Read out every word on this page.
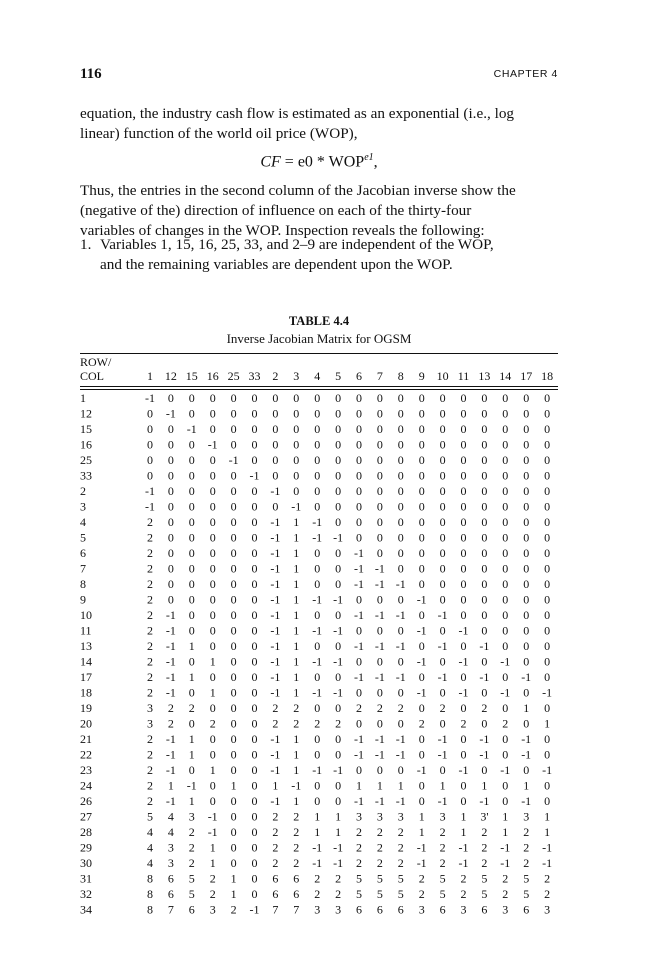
116	CHAPTER 4
equation, the industry cash flow is estimated as an exponential (i.e., log
linear) function of the world oil price (WOP),
CF = $e0 * WOP^{e1}$,
Thus, the entries in the second column of the Jacobian inverse show the
(negative of the) direction of influence on each of the thirty-four
variables of changes in the WOP. Inspection reveals the following:
1. Variables 1, 15, 16, 25, 33, and 2–9 are independent of the WOP,
and the remaining variables are dependent upon the WOP.
TABLE 4.4
Inverse Jacobian Matrix for OGSM
ROW/
COL	1 12 15 16 25 33 2 3 4 5 6 7 8 9 10 11 13 14 17 18
1	-1 0 0 0 0 0 0 0 0 0 0 0 0 0 0 0 0 0 0 0
12	0 -1 0 0 0 0 0 0 0 0 0 0 0 0 0 0 0 0 0 0
15	0 0 -1 0 0 0 0 0 0 0 0 0 0 0 0 0 0 0 0 0
16	0 0 0 -1 0 0 0 0 0 0 0 0 0 0 0 0 0 0 0 0
25	0 0 0 0 -1 0 0 0 0 0 0 0 0 0 0 0 0 0 0 0
33	0 0 0 0 0 -1 0 0 0 0 0 0 0 0 0 0 0 0 0 0
2	-1 0 0 0 0 0 -1 0 0 0 0 0 0 0 0 0 0 0 0 0
3	-1 0 0 0 0 0 0 -1 0 0 0 0 0 0 0 0 0 0 0 0
4	2 0 0 0 0 0 -1 1 -1 0 0 0 0 0 0 0 0 0 0 0
5	2 0 0 0 0 0 -1 1 -1 -1 0 0 0 0 0 0 0 0 0 0
6	2 0 0 0 0 0 -1 1 0 0 -1 0 0 0 0 0 0 0 0 0
7	2 0 0 0 0 0 -1 1 0 0 -1 -1 0 0 0 0 0 0 0 0
8	2 0 0 0 0 0 -1 1 0 0 -1 -1 -1 0 0 0 0 0 0 0
9	2 0 0 0 0 0 -1 1 -1 -1 0 0 0 -1 0 0 0 0 0 0
10	2 -1 0 0 0 0 -1 1 0 0 -1 -1 -1 0 -1 0 0 0 0 0
11	2 -1 0 0 0 0 -1 1 -1 -1 0 0 0 -1 0 -1 0 0 0 0
13	2 -1 1 0 0 0 -1 1 0 0 -1 -1 -1 0 -1 0 -1 0 0 0
14	2 -1 0 1 0 0 -1 1 -1 -1 0 0 0 -1 0 -1 0 -1 0 0
17	2 -1 1 0 0 0 -1 1 0 0 -1 -1 -1 0 -1 0 -1 0 -1 0
18	2 -1 0 1 0 0 -1 1 -1 -1 0 0 0 -1 0 -1 0 -1 0 -1
19	3 2 2 0 0 0 2 2 0 0 2 2 2 0 2 0 2 0 1 0
20	3 2 0 2 0 0 2 2 2 2 0 0 0 2 0 2 0 2 0 1
21	2 -1 1 0 0 0 -1 1 0 0 -1 -1 -1 0 -1 0 -1 0 -1 0
22	2 -1 1 0 0 0 -1 1 0 0 -1 -1 -1 0 -1 0 -1 0 -1 0
23	2 -1 0 1 0 0 -1 1 -1 -1 0 0 0 -1 0 -1 0 -1 0 -1
24	2 1 -1 0 1 0 1 -1 0 0 1 1 1 0 1 0 1 0 1 0
26	2 -1 1 0 0 0 -1 1 0 0 -1 -1 -1 0 -1 0 -1 0 -1 0
27	5 4 3 -1 0 0 2 2 1 1 3 3 3 1 3 1 3' 1 3 1
28	4 4 2 -1 0 0 2 2 1 1 2 2 2 1 2 1 2 1 2 1
29	4 3 2 1 0 0 2 2 -1 -1 2 2 2 -1 2 -1 2 -1 2 -1
30	4 3 2 1 0 0 2 2 -1 -1 2 2 2 -1 2 -1 2 -1 2 -1
31	8 6 5 2 1 0 6 6 2 2 5 5 5 2 5 2 5 2 5 2
32	8 6 5 2 1 0 6 6 2 2 5 5 5 2 5 2 5 2 5 2
34	8 7 6 3 2 -1 7 7 3 3 6 6 6 3 6 3 6 3 6 3
